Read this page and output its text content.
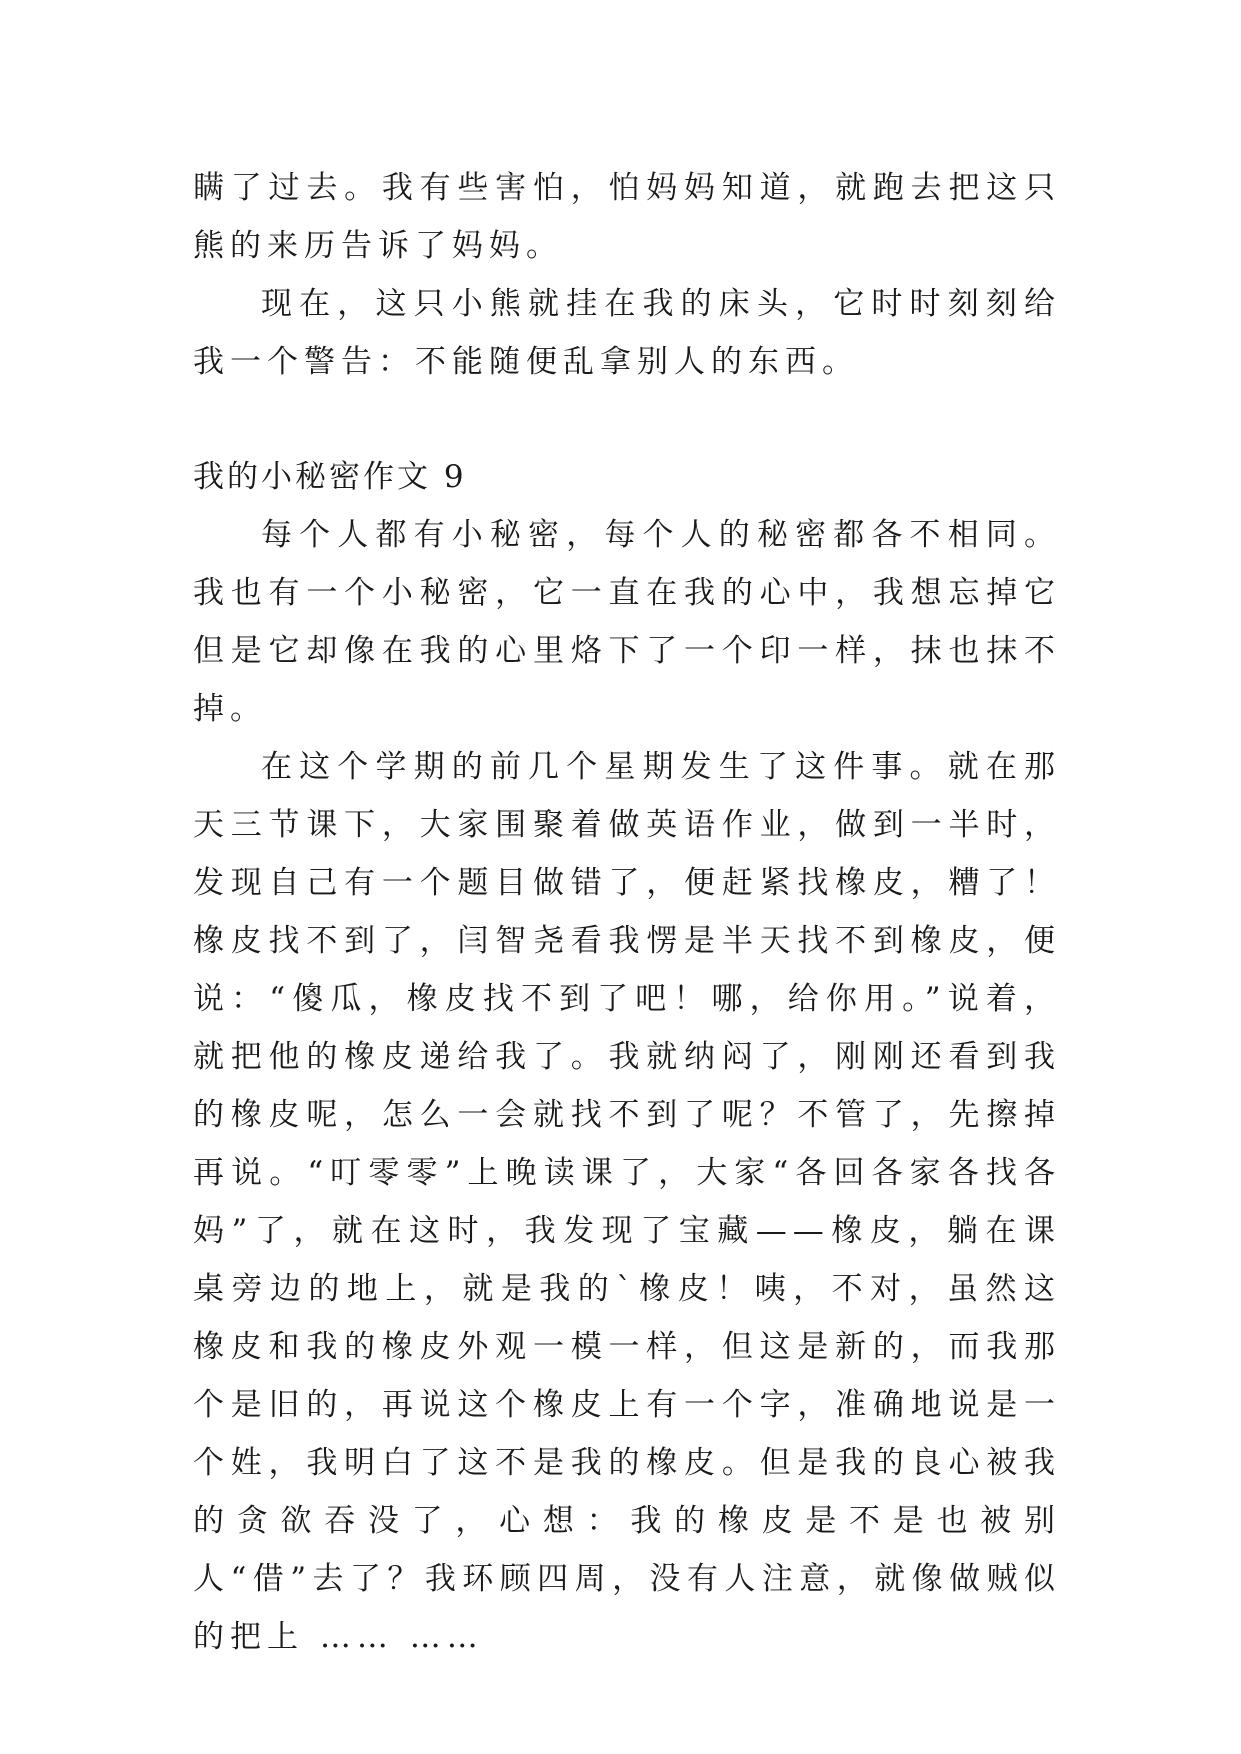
瞒了过去。我有些害怕，怕妈妈知道，就跑去把这只熊的来历告诉了妈妈。

现在，这只小熊就挂在我的床头，它时时刻刻给我一个警告：不能随便乱拿别人的东西。

我的小秘密作文 9

每个人都有小秘密，每个人的秘密都各不相同。我也有一个小秘密，它一直在我的心中，我想忘掉它但是它却像在我的心里烙下了一个印一样，抹也抹不掉。

在这个学期的前几个星期发生了这件事。就在那天三节课下，大家围聚着做英语作业，做到一半时，发现自己有一个题目做错了，便赶紧找橡皮，糟了！橡皮找不到了，闫智尧看我愣是半天找不到橡皮，便说：“傻瓜，橡皮找不到了吧！哪，给你用。”说着，就把他的橡皮递给我了。我就纳闷了，刚刚还看到我的橡皮呢，怎么一会就找不到了呢？不管了，先擦掉再说。“叮零零”上晚读课了，大家“各回各家各找各妈”了，就在这时，我发现了宝藏——橡皮，躺在课桌旁边的地上，就是我的`橡皮！咦，不对，虽然这橡皮和我的橡皮外观一模一样，但这是新的，而我那个是旧的，再说这个橡皮上有一个字，准确地说是一个姓，我明白了这不是我的橡皮。但是我的良心被我的贪欲吞没了，心想：我的橡皮是不是也被别人“借”去了？我环顾四周，没有人注意，就像做贼似的把上 …… ……
